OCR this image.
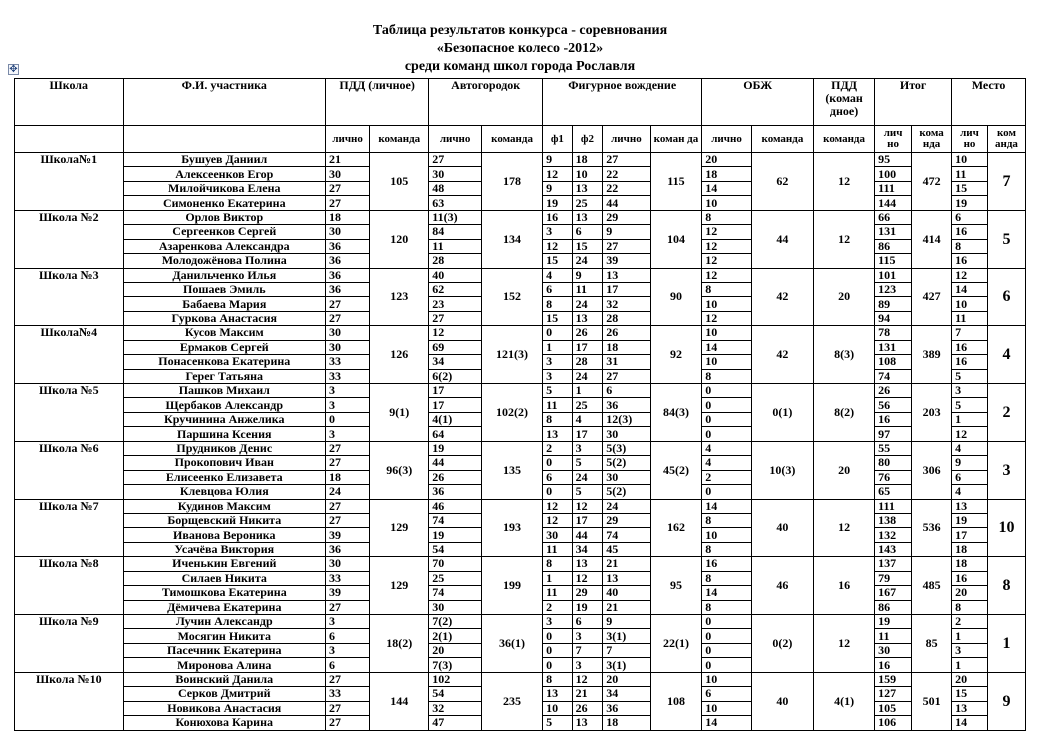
Таблица результатов конкурса - соревнования
«Безопасное колесо -2012»
среди команд школ города Рославля
✥
Школа	Ф.И. участника	ПДД (личное)		Автогородок		Фигурное вождение				ОБЖ		ПДД (коман дное)	Итог		Место	
		лично	команда	лично	команда	ф1	ф2	лично	коман да	лично	команда	команда	лич но	кома нда	лич но	ком анда
Школа№1	Бушуев Даниил	21	105	27	178	9	18	27	115	20	62	12	95	472	10	7
	Алексеенков Егор	30		30		12	10	22		18			100		11	
	Милойчикова Елена	27		48		9	13	22		14			111		15	
	Симоненко Екатерина	27		63		19	25	44		10			144		19	
Школа №2	Орлов Виктор	18	120	11(3)	134	16	13	29	104	8	44	12	66	414	6	5
	Сергеенков Сергей	30		84		3	6	9		12			131		16	
	Азаренкова Александра	36		11		12	15	27		12			86		8	
	Молодожёнова Полина	36		28		15	24	39		12			115		16	
Школа №3	Данильченко Илья	36	123	40	152	4	9	13	90	12	42	20	101	427	12	6
	Пошаев Эмиль	36		62		6	11	17		8			123		14	
	Бабаева Мария	27		23		8	24	32		10			89		10	
	Гуркова Анастасия	27		27		15	13	28		12			94		11	
Школа№4	Кусов Максим	30	126	12	121(3)	0	26	26	92	10	42	8(3)	78	389	7	4
	Ермаков Сергей	30		69		1	17	18		14			131		16	
	Понасенкова Екатерина	33		34		3	28	31		10			108		16	
	Герег Татьяна	33		6(2)		3	24	27		8			74		5	
Школа №5	Пашков Михаил	3	9(1)	17	102(2)	5	1	6	84(3)	0	0(1)	8(2)	26	203	3	2
	Щербаков Александр	3		17		11	25	36		0			56		5	
	Кручинина Анжелика	0		4(1)		8	4	12(3)		0			16		1	
	Паршина Ксения	3		64		13	17	30		0			97		12	
Школа №6	Прудников Денис	27	96(3)	19	135	2	3	5(3)	45(2)	4	10(3)	20	55	306	4	3
	Прокопович Иван	27		44		0	5	5(2)		4			80		9	
	Елисеенко Елизавета	18		26		6	24	30		2			76		6	
	Клевцова Юлия	24		36		0	5	5(2)		0			65		4	
Школа №7	Кудинов Максим	27	129	46	193	12	12	24	162	14	40	12	111	536	13	10
	Борщевский Никита	27		74		12	17	29		8			138		19	
	Иванова Вероника	39		19		30	44	74		10			132		17	
	Усачёва Виктория	36		54		11	34	45		8			143		18	
Школа №8	Иченькин Евгений	30	129	70	199	8	13	21	95	16	46	16	137	485	18	8
	Силаев Никита	33		25		1	12	13		8			79		16	
	Тимошкова Екатерина	39		74		11	29	40		14			167		20	
	Дёмичева Екатерина	27		30		2	19	21		8			86		8	
Школа №9	Лучин Александр	3	18(2)	7(2)	36(1)	3	6	9	22(1)	0	0(2)	12	19	85	2	1
	Мосягин Никита	6		2(1)		0	3	3(1)		0			11		1	
	Пасечник Екатерина	3		20		0	7	7		0			30		3	
	Миронова Алина	6		7(3)		0	3	3(1)		0			16		1	
Школа №10	Воинский Данила	27	144	102	235	8	12	20	108	10	40	4(1)	159	501	20	9
	Серков Дмитрий	33		54		13	21	34		6			127		15	
	Новикова Анастасия	27		32		10	26	36		10			105		13	
	Конюхова Карина	27		47		5	13	18		14			106		14	
